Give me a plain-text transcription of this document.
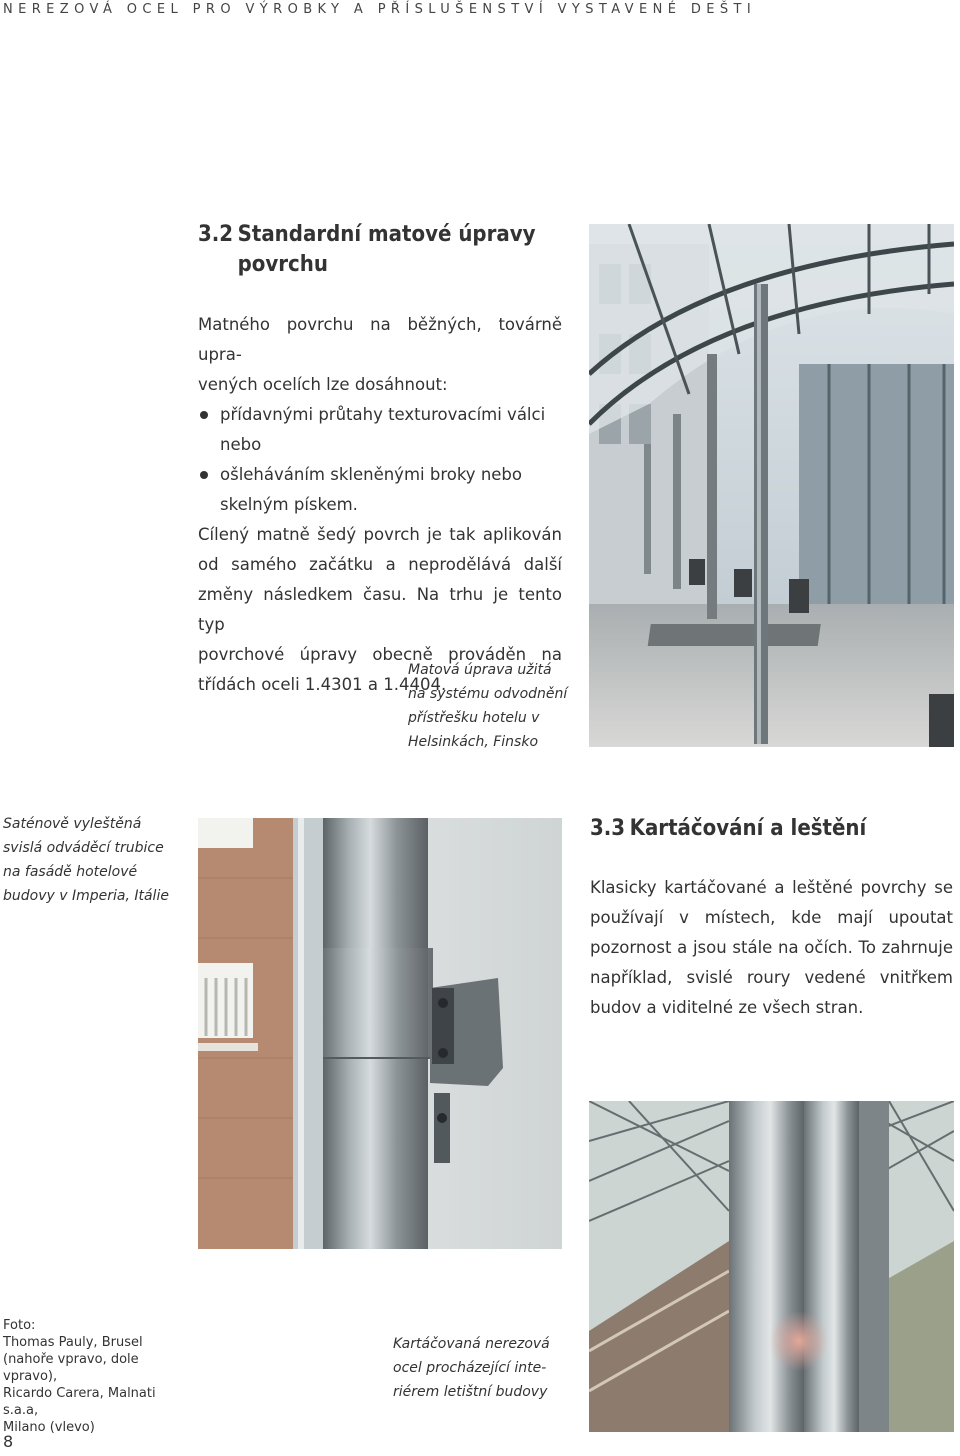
NEREZOVÁ OCEL PRO VÝROBKY A PŘÍSLUŠENSTVÍ VYSTAVENÉ DEŠTI
3.2 Standardní matové úpravy
povrchu
Matného povrchu na běžných, továrně upra-
vených ocelích lze dosáhnout:
přídavnými průtahy texturovacími válci
nebo
ošleháváním skleněnými broky nebo
skelným pískem.
Cílený matně šedý povrch je tak aplikován
od samého začátku a neprodělává další
změny následkem času. Na trhu je tento typ
povrchové úpravy obecně prováděn na
třídách oceli 1.4301 a 1.4404.
Matová úprava užitá
na systému odvodnění
přístřešku hotelu v
Helsinkách, Finsko
Saténově vyleštěná
svislá odváděcí trubice
na fasádě hotelové
budovy v Imperia, Itálie
3.3 Kartáčování a leštění
Klasicky kartáčované a leštěné povrchy se
používají v místech, kde mají upoutat
pozornost a jsou stále na očích. To zahrnuje
například, svislé roury vedené vnitřkem
budov a viditelné ze všech stran.
Foto:
Thomas Pauly, Brusel
(nahoře vpravo, dole vpravo),
Ricardo Carera, Malnati s.a.a,
Milano (vlevo)
Kartáčovaná nerezová
ocel procházející inte-
riérem letištní budovy
8
